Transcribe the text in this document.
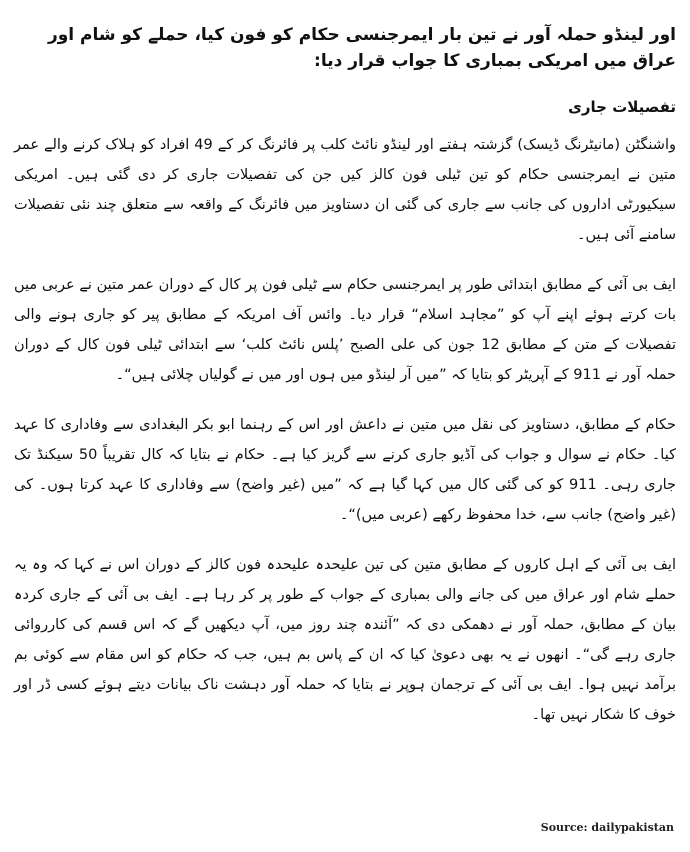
اور لینڈو حملہ آور نے تین بار ایمرجنسی حکام کو فون کیا، حملے کو شام اور عراق میں امریکی بمباری کا جواب قرار دیا:
تفصیلات جاری

واشنگٹن (مانیٹرنگ ڈیسک) گزشتہ ہفتے اور لینڈو نائٹ کلب پر فائرنگ کر کے 49 افراد کو ہلاک کرنے والے عمر متین نے ایمرجنسی حکام کو تین ٹیلی فون کالز کیں جن کی تفصیلات جاری کر دی گئی ہیں۔ امریکی سیکیورٹی اداروں کی جانب سے جاری کی گئی ان دستاویز میں فائرنگ کے واقعہ سے متعلق چند نئی تفصیلات سامنے آئی ہیں۔

ایف بی آئی کے مطابق ابتدائی طور پر ایمرجنسی حکام سے ٹیلی فون پر کال کے دوران عمر متین نے عربی میں بات کرتے ہوئے اپنے آپ کو ”مجاہد اسلام“ قرار دیا۔ وائس آف امریکہ کے مطابق پیر کو جاری ہونے والی تفصیلات کے متن کے مطابق 12 جون کی علی الصبح ’پلس نائٹ کلب‘ سے ابتدائی ٹیلی فون کال کے دوران حملہ آور نے 911 کے آپریٹر کو بتایا کہ ”میں آر لینڈو میں ہوں اور میں نے گولیاں چلائی ہیں“۔

حکام کے مطابق، دستاویز کی نقل میں متین نے داعش اور اس کے رہنما ابو بکر البغدادی سے وفاداری کا عہد کیا۔ حکام نے سوال و جواب کی آڈیو جاری کرنے سے گریز کیا ہے۔ حکام نے بتایا کہ کال تقریباً 50 سیکنڈ تک جاری رہی۔ 911 کو کی گئی کال میں کہا گیا ہے کہ ”میں (غیر واضح) سے وفاداری کا عہد کرتا ہوں۔ کی (غیر واضح) جانب سے، خدا محفوظ رکھے (عربی میں)“۔

ایف بی آئی کے اہل کاروں کے مطابق متین کی تین علیحدہ علیحدہ فون کالز کے دوران اس نے کہا کہ وہ یہ حملے شام اور عراق میں کی جانے والی بمباری کے جواب کے طور پر کر رہا ہے۔ ایف بی آئی کے جاری کردہ بیان کے مطابق، حملہ آور نے دھمکی دی کہ ”آئندہ چند روز میں، آپ دیکھیں گے کہ اس قسم کی کارروائی جاری رہے گی“۔ انھوں نے یہ بھی دعویٰ کیا کہ ان کے پاس بم ہیں، جب کہ حکام کو اس مقام سے کوئی بم برآمد نہیں ہوا۔ ایف بی آئی کے ترجمان ہوپر نے بتایا کہ حملہ آور دہشت ناک بیانات دیتے ہوئے کسی ڈر اور خوف کا شکار نہیں تھا۔

Source: dailypakistan
